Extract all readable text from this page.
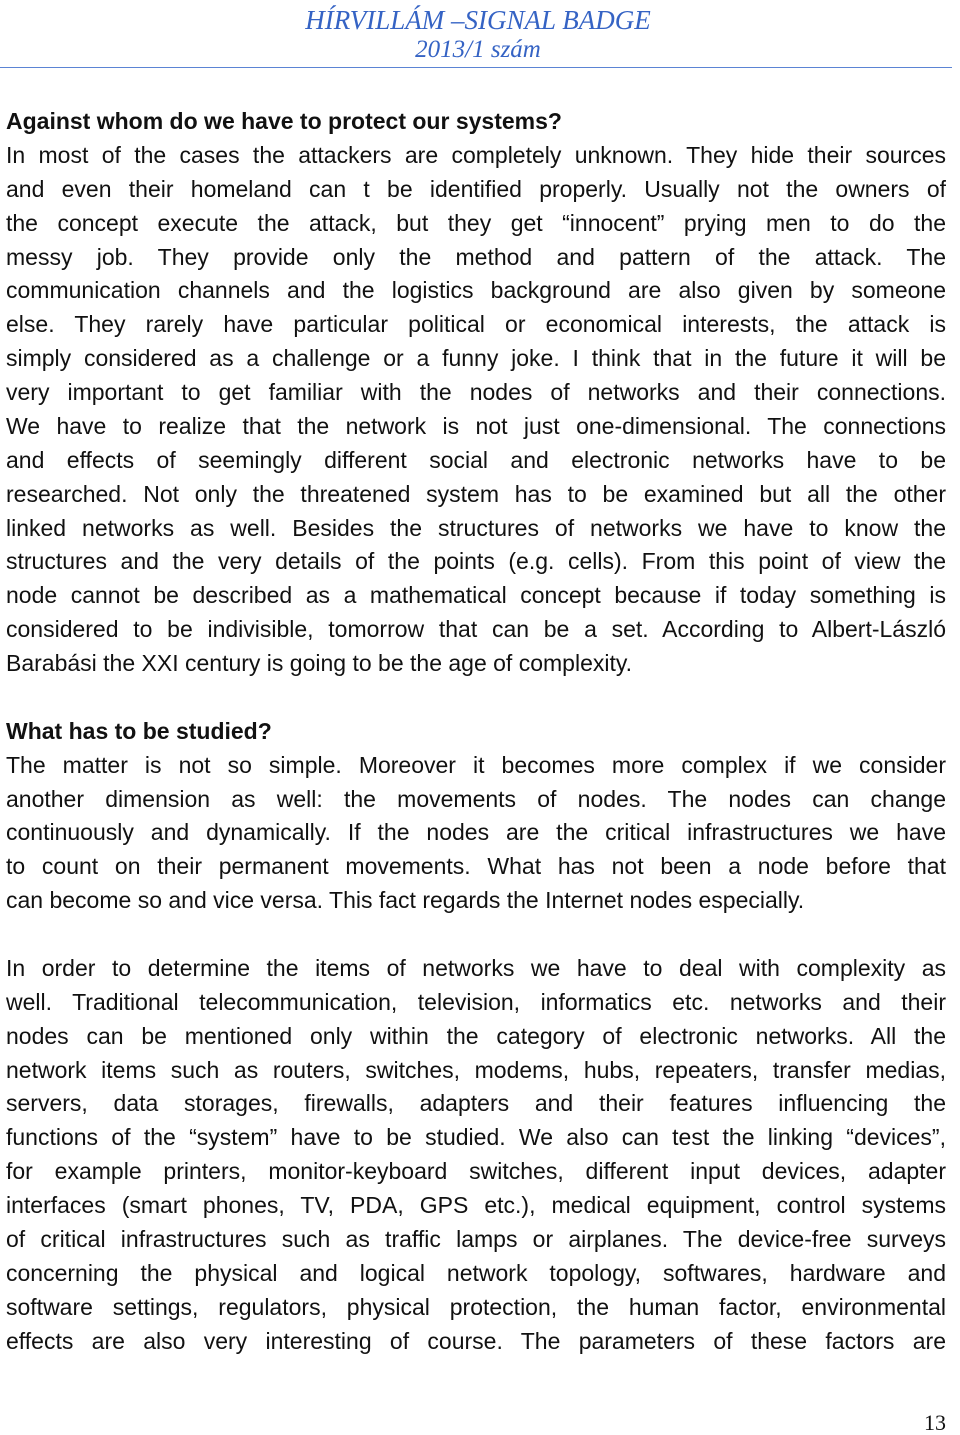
HÍRVILLÁM –SIGNAL BADGE
2013/1 szám
Against whom do we have to protect our systems?
In most of the cases the attackers are completely unknown. They hide their sources
and even their homeland can t be identified properly. Usually not the owners of
the concept execute the attack, but they get “innocent” prying men to do the
messy job. They provide only the method and pattern of the attack. The
communication channels and the logistics background are also given by someone
else. They rarely have particular political or economical interests, the attack is
simply considered as a challenge or a funny joke. I think that in the future it will be
very important to get familiar with the nodes of networks and their connections.
We have to realize that the network is not just one-dimensional. The connections
and effects of seemingly different social and electronic networks have to be
researched. Not only the threatened system has to be examined but all the other
linked networks as well. Besides the structures of networks we have to know the
structures and the very details of the points (e.g. cells). From this point of view the
node cannot be described as a mathematical concept because if today something is
considered to be indivisible, tomorrow that can be a set. According to Albert-László
Barabási the XXI century is going to be the age of complexity.
What has to be studied?
The matter is not so simple. Moreover it becomes more complex if we consider
another dimension as well: the movements of nodes. The nodes can change
continuously and dynamically. If the nodes are the critical infrastructures we have
to count on their permanent movements. What has not been a node before that
can become so and vice versa. This fact regards the Internet nodes especially.
In order to determine the items of networks we have to deal with complexity as
well. Traditional telecommunication, television, informatics etc. networks and their
nodes can be mentioned only within the category of electronic networks. All the
network items such as routers, switches, modems, hubs, repeaters, transfer medias,
servers, data storages, firewalls, adapters and their features influencing the
functions of the “system” have to be studied. We also can test the linking “devices”,
for example printers, monitor-keyboard switches, different input devices, adapter
interfaces (smart phones, TV, PDA, GPS etc.), medical equipment, control systems
of critical infrastructures such as traffic lamps or airplanes. The device-free surveys
concerning the physical and logical network topology, softwares, hardware and
software settings, regulators, physical protection, the human factor, environmental
effects are also very interesting of course. The parameters of these factors are
13
